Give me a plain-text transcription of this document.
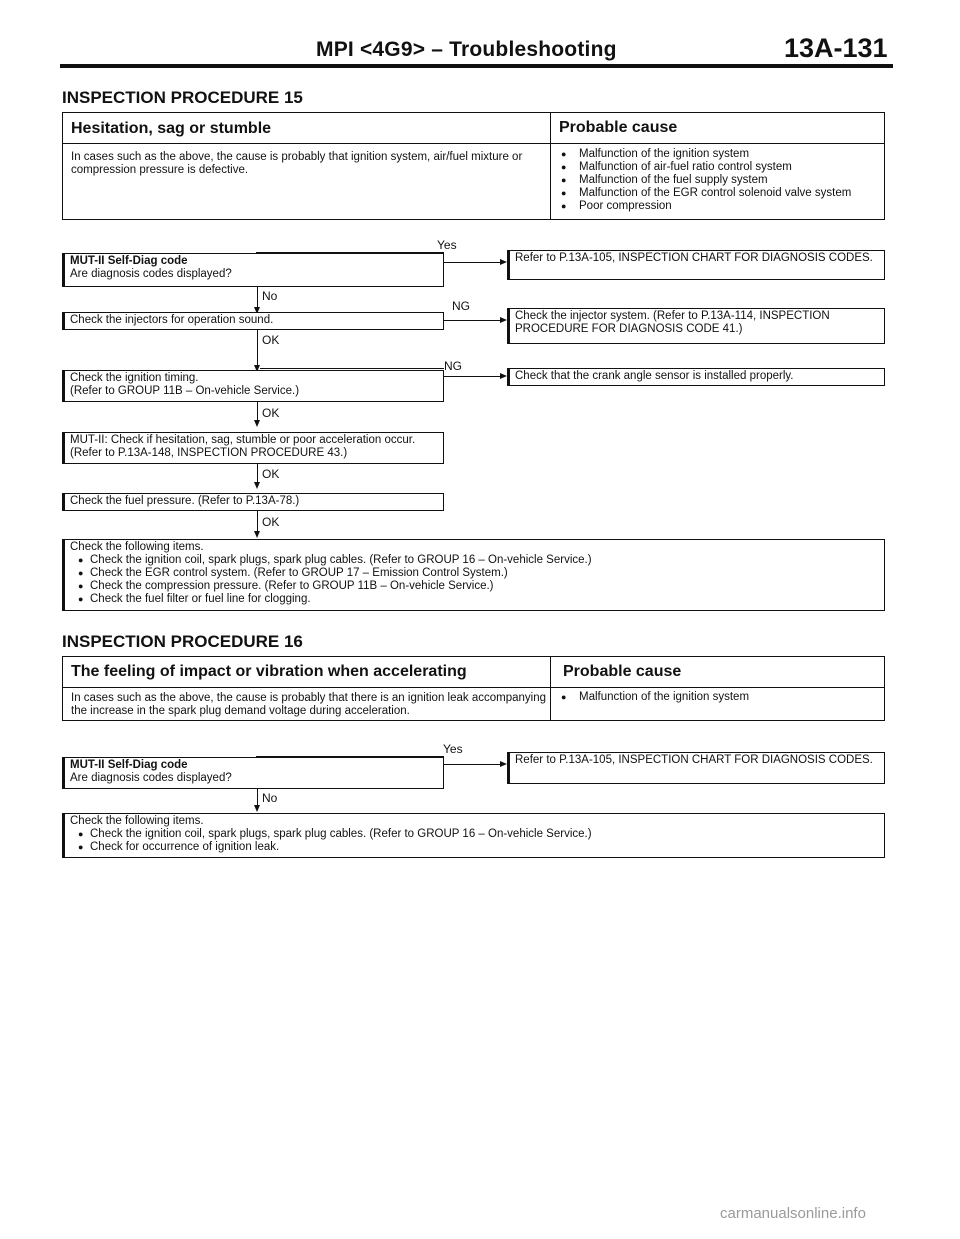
MPI <4G9> – Troubleshooting	13A-131
INSPECTION PROCEDURE 15
Hesitation, sag or stumble	Probable cause
In cases such as the above, the cause is probably that ignition system, air/fuel mixture or compression pressure is defective.
● Malfunction of the ignition system
● Malfunction of air-fuel ratio control system
● Malfunction of the fuel supply system
● Malfunction of the EGR control solenoid valve system
● Poor compression
MUT-II Self-Diag code
Are diagnosis codes displayed?
Yes
Refer to P.13A-105, INSPECTION CHART FOR DIAGNOSIS CODES.
No
Check the injectors for operation sound.
NG
Check the injector system. (Refer to P.13A-114, INSPECTION PROCEDURE FOR DIAGNOSIS CODE 41.)
OK
Check the ignition timing.
(Refer to GROUP 11B – On-vehicle Service.)
NG
Check that the crank angle sensor is installed properly.
OK
MUT-II: Check if hesitation, sag, stumble or poor acceleration occur.
(Refer to P.13A-148, INSPECTION PROCEDURE 43.)
OK
Check the fuel pressure. (Refer to P.13A-78.)
OK
Check the following items.
● Check the ignition coil, spark plugs, spark plug cables. (Refer to GROUP 16 – On-vehicle Service.)
● Check the EGR control system. (Refer to GROUP 17 – Emission Control System.)
● Check the compression pressure. (Refer to GROUP 11B – On-vehicle Service.)
● Check the fuel filter or fuel line for clogging.
INSPECTION PROCEDURE 16
The feeling of impact or vibration when accelerating	Probable cause
In cases such as the above, the cause is probably that there is an ignition leak accompanying the increase in the spark plug demand voltage during acceleration.
● Malfunction of the ignition system
MUT-II Self-Diag code
Are diagnosis codes displayed?
Yes
Refer to P.13A-105, INSPECTION CHART FOR DIAGNOSIS CODES.
No
Check the following items.
● Check the ignition coil, spark plugs, spark plug cables. (Refer to GROUP 16 – On-vehicle Service.)
● Check for occurrence of ignition leak.
carmanualsonline.info
